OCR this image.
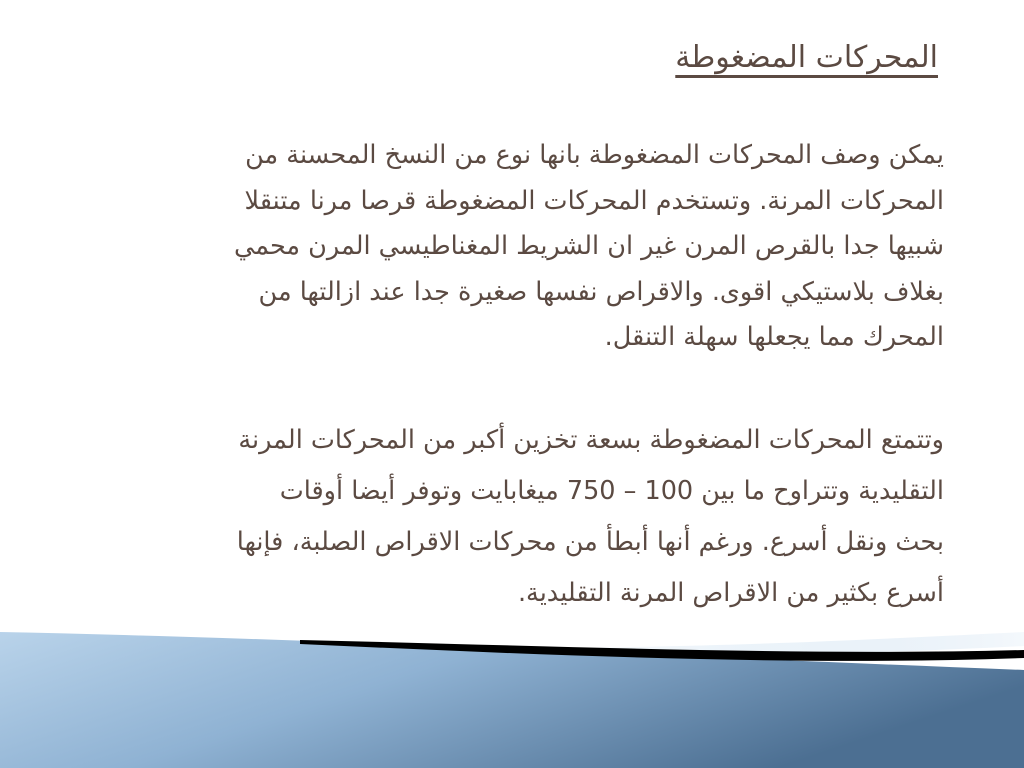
المحركات المضغوطة
يمكن وصف المحركات المضغوطة بانها نوع من النسخ المحسنة من
المحركات المرنة. وتستخدم المحركات المضغوطة قرصا مرنا متنقلا
شبيها جدا بالقرص المرن غير ان الشريط المغناطيسي المرن محمي
بغلاف بلاستيكي اقوى. والاقراص نفسها صغيرة جدا عند ازالتها من
المحرك مما يجعلها سهلة التنقل.
وتتمتع المحركات المضغوطة بسعة تخزين أكبر من المحركات المرنة
التقليدية وتتراوح ما بين 100 – 750 ميغابايت وتوفر أيضا أوقات
بحث ونقل أسرع. ورغم أنها أبطأ من محركات الاقراص الصلبة، فإنها
أسرع بكثير من الاقراص المرنة التقليدية.
